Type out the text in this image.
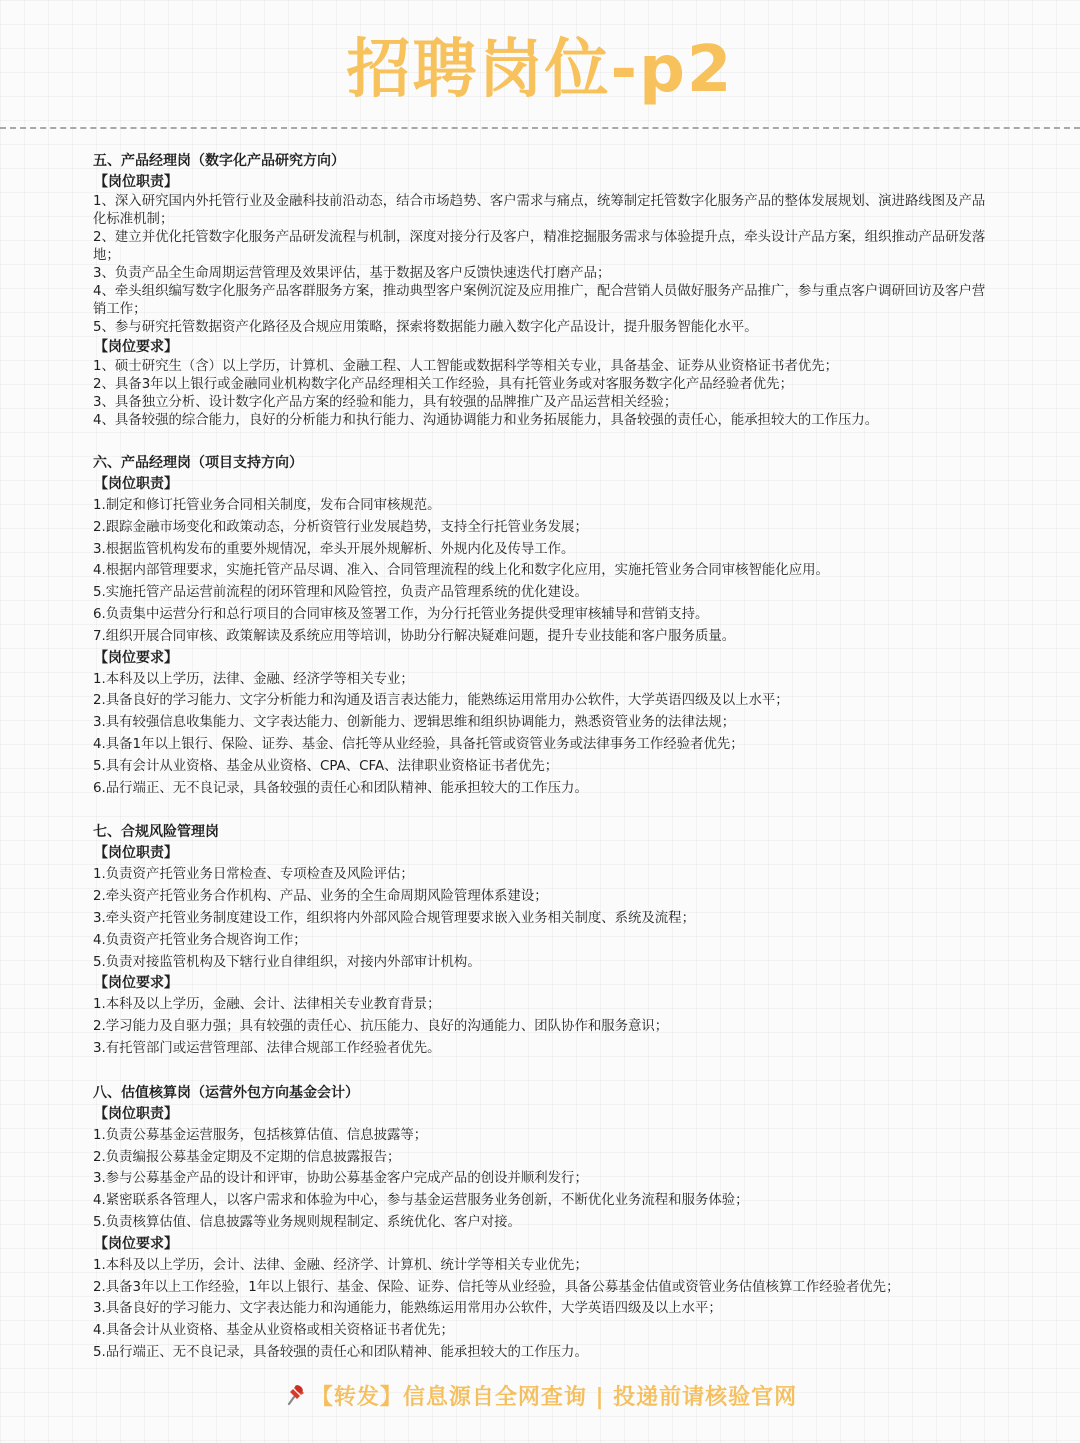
招聘岗位-p2
五、产品经理岗（数字化产品研究方向）
【岗位职责】

1、深入研究国内外托管行业及金融科技前沿动态，结合市场趋势、客户需求与痛点，统筹制定托管数字化服务产品的整体发展规划、演进路线图及产品化标准机制；

2、建立并优化托管数字化服务产品研发流程与机制，深度对接分行及客户，精准挖掘服务需求与体验提升点，牵头设计产品方案，组织推动产品研发落地；

3、负责产品全生命周期运营管理及效果评估，基于数据及客户反馈快速迭代打磨产品；

4、牵头组织编写数字化服务产品客群服务方案，推动典型客户案例沉淀及应用推广，配合营销人员做好服务产品推广，参与重点客户调研回访及客户营销工作；

5、参与研究托管数据资产化路径及合规应用策略，探索将数据能力融入数字化产品设计，提升服务智能化水平。

【岗位要求】

1、硕士研究生（含）以上学历，计算机、金融工程、人工智能或数据科学等相关专业，具备基金、证券从业资格证书者优先；

2、具备3年以上银行或金融同业机构数字化产品经理相关工作经验，具有托管业务或对客服务数字化产品经验者优先；

3、具备独立分析、设计数字化产品方案的经验和能力，具有较强的品牌推广及产品运营相关经验；

4、具备较强的综合能力，良好的分析能力和执行能力、沟通协调能力和业务拓展能力，具备较强的责任心，能承担较大的工作压力。

六、产品经理岗（项目支持方向）
【岗位职责】

1.制定和修订托管业务合同相关制度，发布合同审核规范。

2.跟踪金融市场变化和政策动态，分析资管行业发展趋势，支持全行托管业务发展；

3.根据监管机构发布的重要外规情况，牵头开展外规解析、外规内化及传导工作。

4.根据内部管理要求，实施托管产品尽调、准入、合同管理流程的线上化和数字化应用，实施托管业务合同审核智能化应用。

5.实施托管产品运营前流程的闭环管理和风险管控，负责产品管理系统的优化建设。

6.负责集中运营分行和总行项目的合同审核及签署工作，为分行托管业务提供受理审核辅导和营销支持。

7.组织开展合同审核、政策解读及系统应用等培训，协助分行解决疑难问题，提升专业技能和客户服务质量。

【岗位要求】

1.本科及以上学历，法律、金融、经济学等相关专业；

2.具备良好的学习能力、文字分析能力和沟通及语言表达能力，能熟练运用常用办公软件，大学英语四级及以上水平；

3.具有较强信息收集能力、文字表达能力、创新能力、逻辑思维和组织协调能力，熟悉资管业务的法律法规；

4.具备1年以上银行、保险、证券、基金、信托等从业经验，具备托管或资管业务或法律事务工作经验者优先；

5.具有会计从业资格、基金从业资格、CPA、CFA、法律职业资格证书者优先；

6.品行端正、无不良记录，具备较强的责任心和团队精神、能承担较大的工作压力。

七、合规风险管理岗
【岗位职责】

1.负责资产托管业务日常检查、专项检查及风险评估；

2.牵头资产托管业务合作机构、产品、业务的全生命周期风险管理体系建设；

3.牵头资产托管业务制度建设工作，组织将内外部风险合规管理要求嵌入业务相关制度、系统及流程；

4.负责资产托管业务合规咨询工作；

5.负责对接监管机构及下辖行业自律组织，对接内外部审计机构。

【岗位要求】

1.本科及以上学历，金融、会计、法律相关专业教育背景；

2.学习能力及自驱力强；具有较强的责任心、抗压能力、良好的沟通能力、团队协作和服务意识；

3.有托管部门或运营管理部、法律合规部工作经验者优先。

八、估值核算岗（运营外包方向基金会计）
【岗位职责】

1.负责公募基金运营服务，包括核算估值、信息披露等；

2.负责编报公募基金定期及不定期的信息披露报告；

3.参与公募基金产品的设计和评审，协助公募基金客户完成产品的创设并顺利发行；

4.紧密联系各管理人，以客户需求和体验为中心，参与基金运营服务业务创新，不断优化业务流程和服务体验；

5.负责核算估值、信息披露等业务规则规程制定、系统优化、客户对接。

【岗位要求】

1.本科及以上学历，会计、法律、金融、经济学、计算机、统计学等相关专业优先；

2.具备3年以上工作经验，1年以上银行、基金、保险、证券、信托等从业经验，具备公募基金估值或资管业务估值核算工作经验者优先；

3.具备良好的学习能力、文字表达能力和沟通能力，能熟练运用常用办公软件，大学英语四级及以上水平；

4.具备会计从业资格、基金从业资格或相关资格证书者优先；

5.品行端正、无不良记录，具备较强的责任心和团队精神、能承担较大的工作压力。

【转发】信息源自全网查询 | 投递前请核验官网
